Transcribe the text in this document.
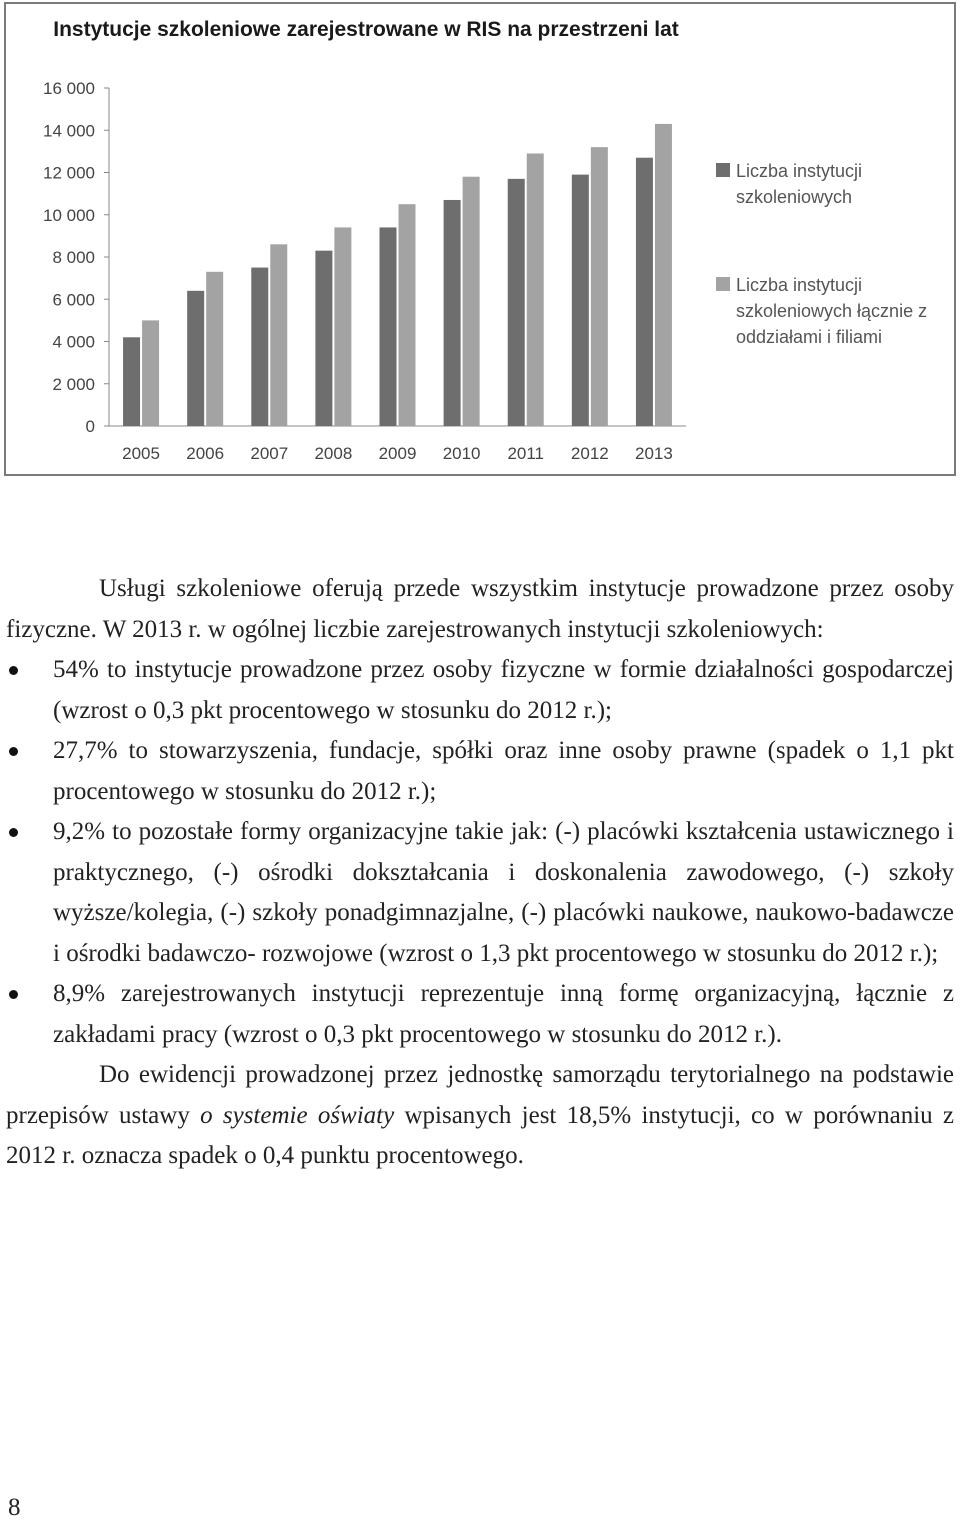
Instytucje szkoleniowe zarejestrowane w RIS na przestrzeni lat
0
2 000
4 000
6 000
8 000
10 000
12 000
14 000
16 000
2005 2006 2007 2008 2009 2010 2011 2012 2013
Liczba instytucji szkoleniowych
Liczba instytucji szkoleniowych łącznie z oddziałami i filiami

Usługi szkoleniowe oferują przede wszystkim instytucje prowadzone przez osoby fizyczne. W 2013 r. w ogólnej liczbie zarejestrowanych instytucji szkoleniowych:

54% to instytucje prowadzone przez osoby fizyczne w formie działalności gospodarczej (wzrost o 0,3 pkt procentowego w stosunku do 2012 r.);
27,7% to stowarzyszenia, fundacje, spółki oraz inne osoby prawne (spadek o 1,1 pkt procentowego w stosunku do 2012 r.);
9,2% to pozostałe formy organizacyjne takie jak: (-) placówki kształcenia ustawicznego i praktycznego, (-) ośrodki dokształcania i doskonalenia zawodowego, (-) szkoły wyższe/kolegia, (-) szkoły ponadgimnazjalne, (-) placówki naukowe, naukowo-badawcze i ośrodki badawczo- rozwojowe (wzrost o 1,3 pkt procentowego w stosunku do 2012 r.);
8,9% zarejestrowanych instytucji reprezentuje inną formę organizacyjną, łącznie z zakładami pracy (wzrost o 0,3 pkt procentowego w stosunku do 2012 r.).

Do ewidencji prowadzonej przez jednostkę samorządu terytorialnego na podstawie przepisów ustawy o systemie oświaty wpisanych jest 18,5% instytucji, co w porównaniu z 2012 r. oznacza spadek o 0,4 punktu procentowego.

8
